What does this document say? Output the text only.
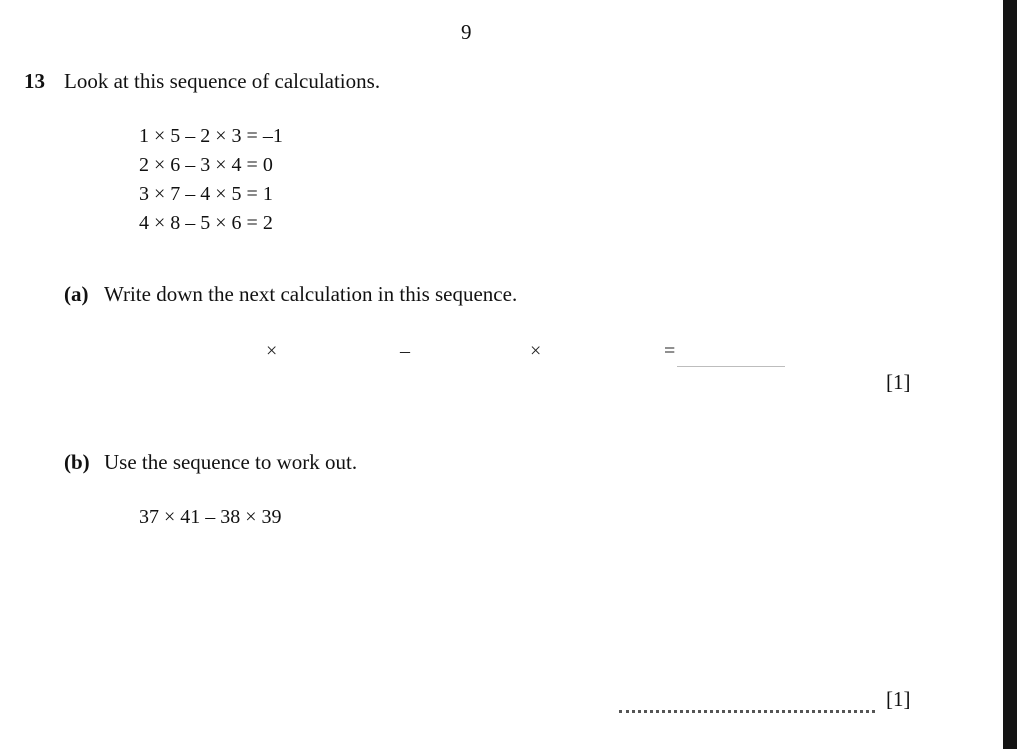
9
13 Look at this sequence of calculations.
1 × 5 – 2 × 3 = –1
2 × 6 – 3 × 4 = 0
3 × 7 – 4 × 5 = 1
4 × 8 – 5 × 6 = 2
(a) Write down the next calculation in this sequence.
×	–	×	=
[1]
(b) Use the sequence to work out.
37 × 41 – 38 × 39
[1]
